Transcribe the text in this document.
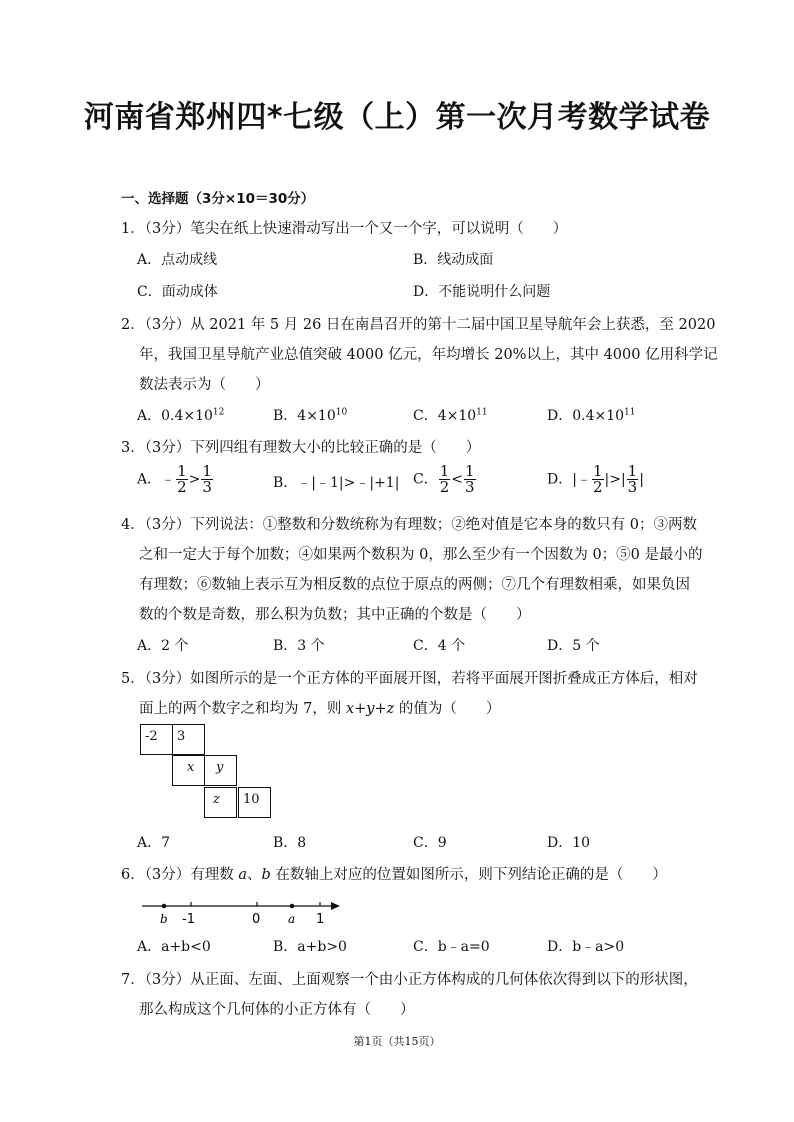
河南省郑州四*七级（上）第一次月考数学试卷
一、选择题（3分×10＝30分）
1．（3分）笔尖在纸上快速滑动写出一个又一个字，可以说明（　　）
A．点动成线	B．线动成面
C．面动成体	D．不能说明什么问题
2．（3分）从 2021 年 5 月 26 日在南昌召开的第十二届中国卫星导航年会上获悉，至 2020
年，我国卫星导航产业总值突破 4000 亿元，年均增长 20%以上，其中 4000 亿用科学记
数法表示为（　　）
A．$0.4\times 10^{12}$	B．$4\times 10^{10}$	C．$4\times 10^{11}$	D．$0.4\times 10^{11}$
3．（3分）下列四组有理数大小的比较正确的是（　　）
A．﹣ $\frac{1}{2} > \frac{1}{3}$	B．﹣|﹣1|>﹣|+1| C． $\frac{1}{2} < \frac{1}{3}$	D．|﹣ $\frac{1}{2}$ |>| $\frac{1}{3}$ |
4．（3分）下列说法：①整数和分数统称为有理数；②绝对值是它本身的数只有 0；③两数
之和一定大于每个加数；④如果两个数积为 0，那么至少有一个因数为 0；⑤0 是最小的
有理数；⑥数轴上表示互为相反数的点位于原点的两侧；⑦几个有理数相乘，如果负因
数的个数是奇数，那么积为负数；其中正确的个数是（　　）
A．2 个	B．3 个	C．4 个	D．5 个
5．（3分）如图所示的是一个正方体的平面展开图，若将平面展开图折叠成正方体后，相对
面上的两个数字之和均为 7，则 x+y+z 的值为（　　）
-2	3
x	y
z	10
A．7	B．8	C．9	D．10
6．（3分）有理数 a、b 在数轴上对应的位置如图所示，则下列结论正确的是（　　）
b -1	0 a 1
A．a+b<0	B．a+b>0	C．b﹣a=0	D．b﹣a>0
7．（3分）从正面、左面、上面观察一个由小正方体构成的几何体依次得到以下的形状图，
那么构成这个几何体的小正方体有（　　）
第1页（共15页）
